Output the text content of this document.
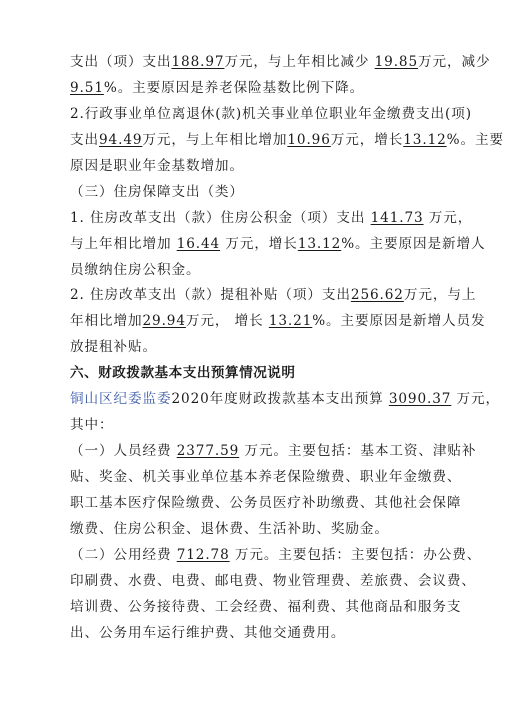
支出（项）支出188.97万元，与上年相比减少 19.85万元，减少
9.51%。主要原因是养老保险基数比例下降。
2.行政事业单位离退休(款)机关事业单位职业年金缴费支出(项)
支出94.49万元，与上年相比增加10.96万元，增长13.12%。主要
原因是职业年金基数增加。
（三）住房保障支出（类）
1. 住房改革支出（款）住房公积金（项）支出 141.73 万元，
与上年相比增加 16.44 万元，增长13.12%。主要原因是新增人
员缴纳住房公积金。
2. 住房改革支出（款）提租补贴（项）支出256.62万元，与上
年相比增加29.94万元， 增长 13.21%。主要原因是新增人员发
放提租补贴。
六、财政拨款基本支出预算情况说明
铜山区纪委监委2020年度财政拨款基本支出预算 3090.37 万元，
其中：
（一）人员经费 2377.59 万元。主要包括：基本工资、津贴补
贴、奖金、机关事业单位基本养老保险缴费、职业年金缴费、
职工基本医疗保险缴费、公务员医疗补助缴费、其他社会保障
缴费、住房公积金、退休费、生活补助、奖励金。
（二）公用经费 712.78 万元。主要包括：主要包括：办公费、
印刷费、水费、电费、邮电费、物业管理费、差旅费、会议费、
培训费、公务接待费、工会经费、福利费、其他商品和服务支
出、公务用车运行维护费、其他交通费用。
